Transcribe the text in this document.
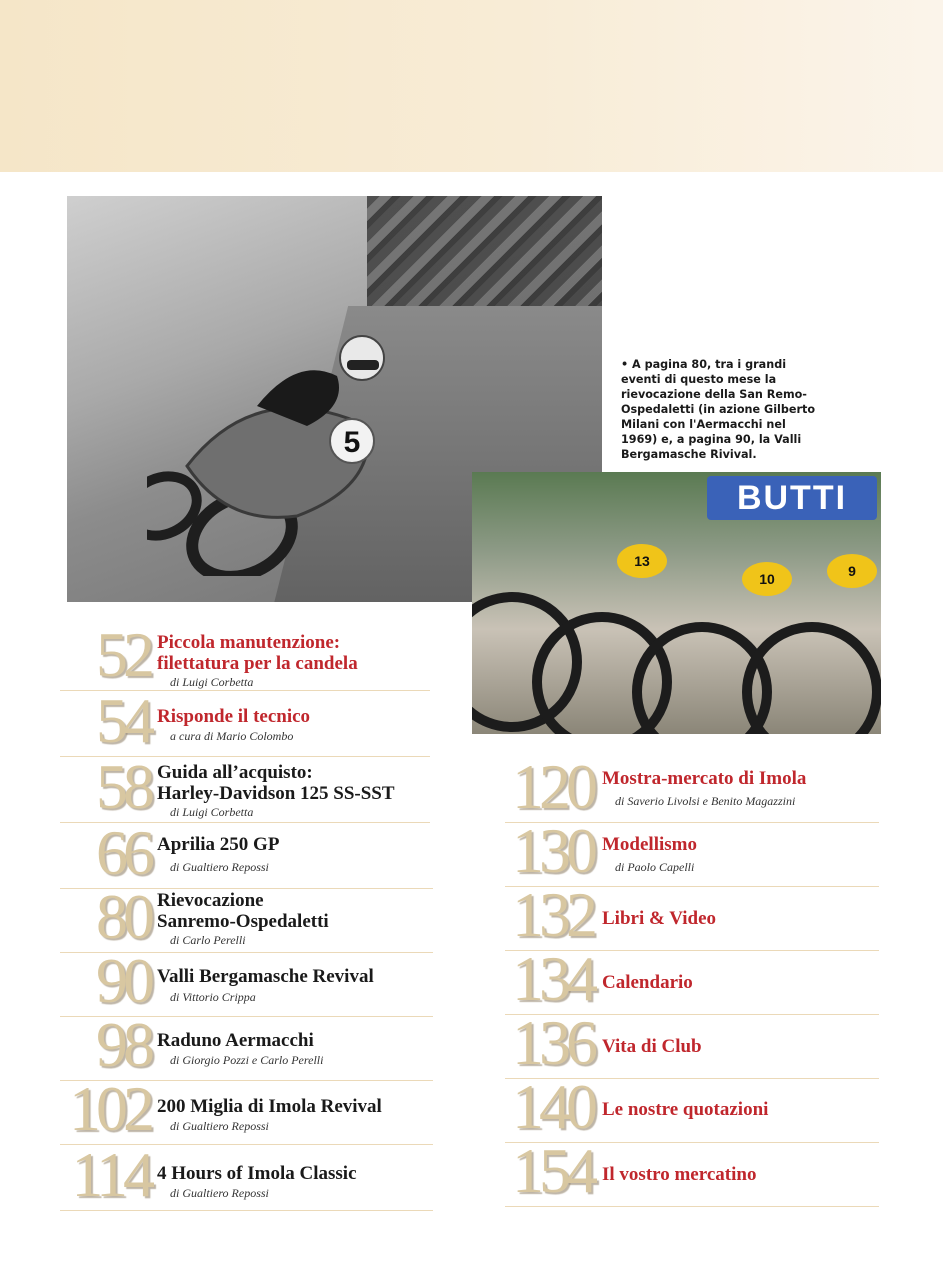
5
• A pagina 80, tra i grandi eventi di questo mese la rievocazione della San Remo-Ospedaletti (in azione Gilberto Milani con l'Aermacchi nel 1969) e, a pagina 90, la Valli Bergamasche Rivival.
BUTTI
13
10	9
52 Piccola manutenzione:
filettatura per la candela
di Luigi Corbetta
54 Risponde il tecnico
a cura di Mario Colombo
58 Guida all’acquisto:
Harley-Davidson 125 SS-SST
di Luigi Corbetta
66 Aprilia 250 GP
di Gualtiero Repossi
80 Rievocazione
Sanremo-Ospedaletti
di Carlo Perelli
90 Valli Bergamasche Revival
di Vittorio Crippa
98 Raduno Aermacchi
di Giorgio Pozzi e Carlo Perelli
102 200 Miglia di Imola Revival
di Gualtiero Repossi
114 4 Hours of Imola Classic
di Gualtiero Repossi
120 Mostra-mercato di Imola
di Saverio Livolsi e Benito Magazzini
130 Modellismo
di Paolo Capelli
132 Libri & Video
134 Calendario
136 Vita di Club
140 Le nostre quotazioni
154 Il vostro mercatino
